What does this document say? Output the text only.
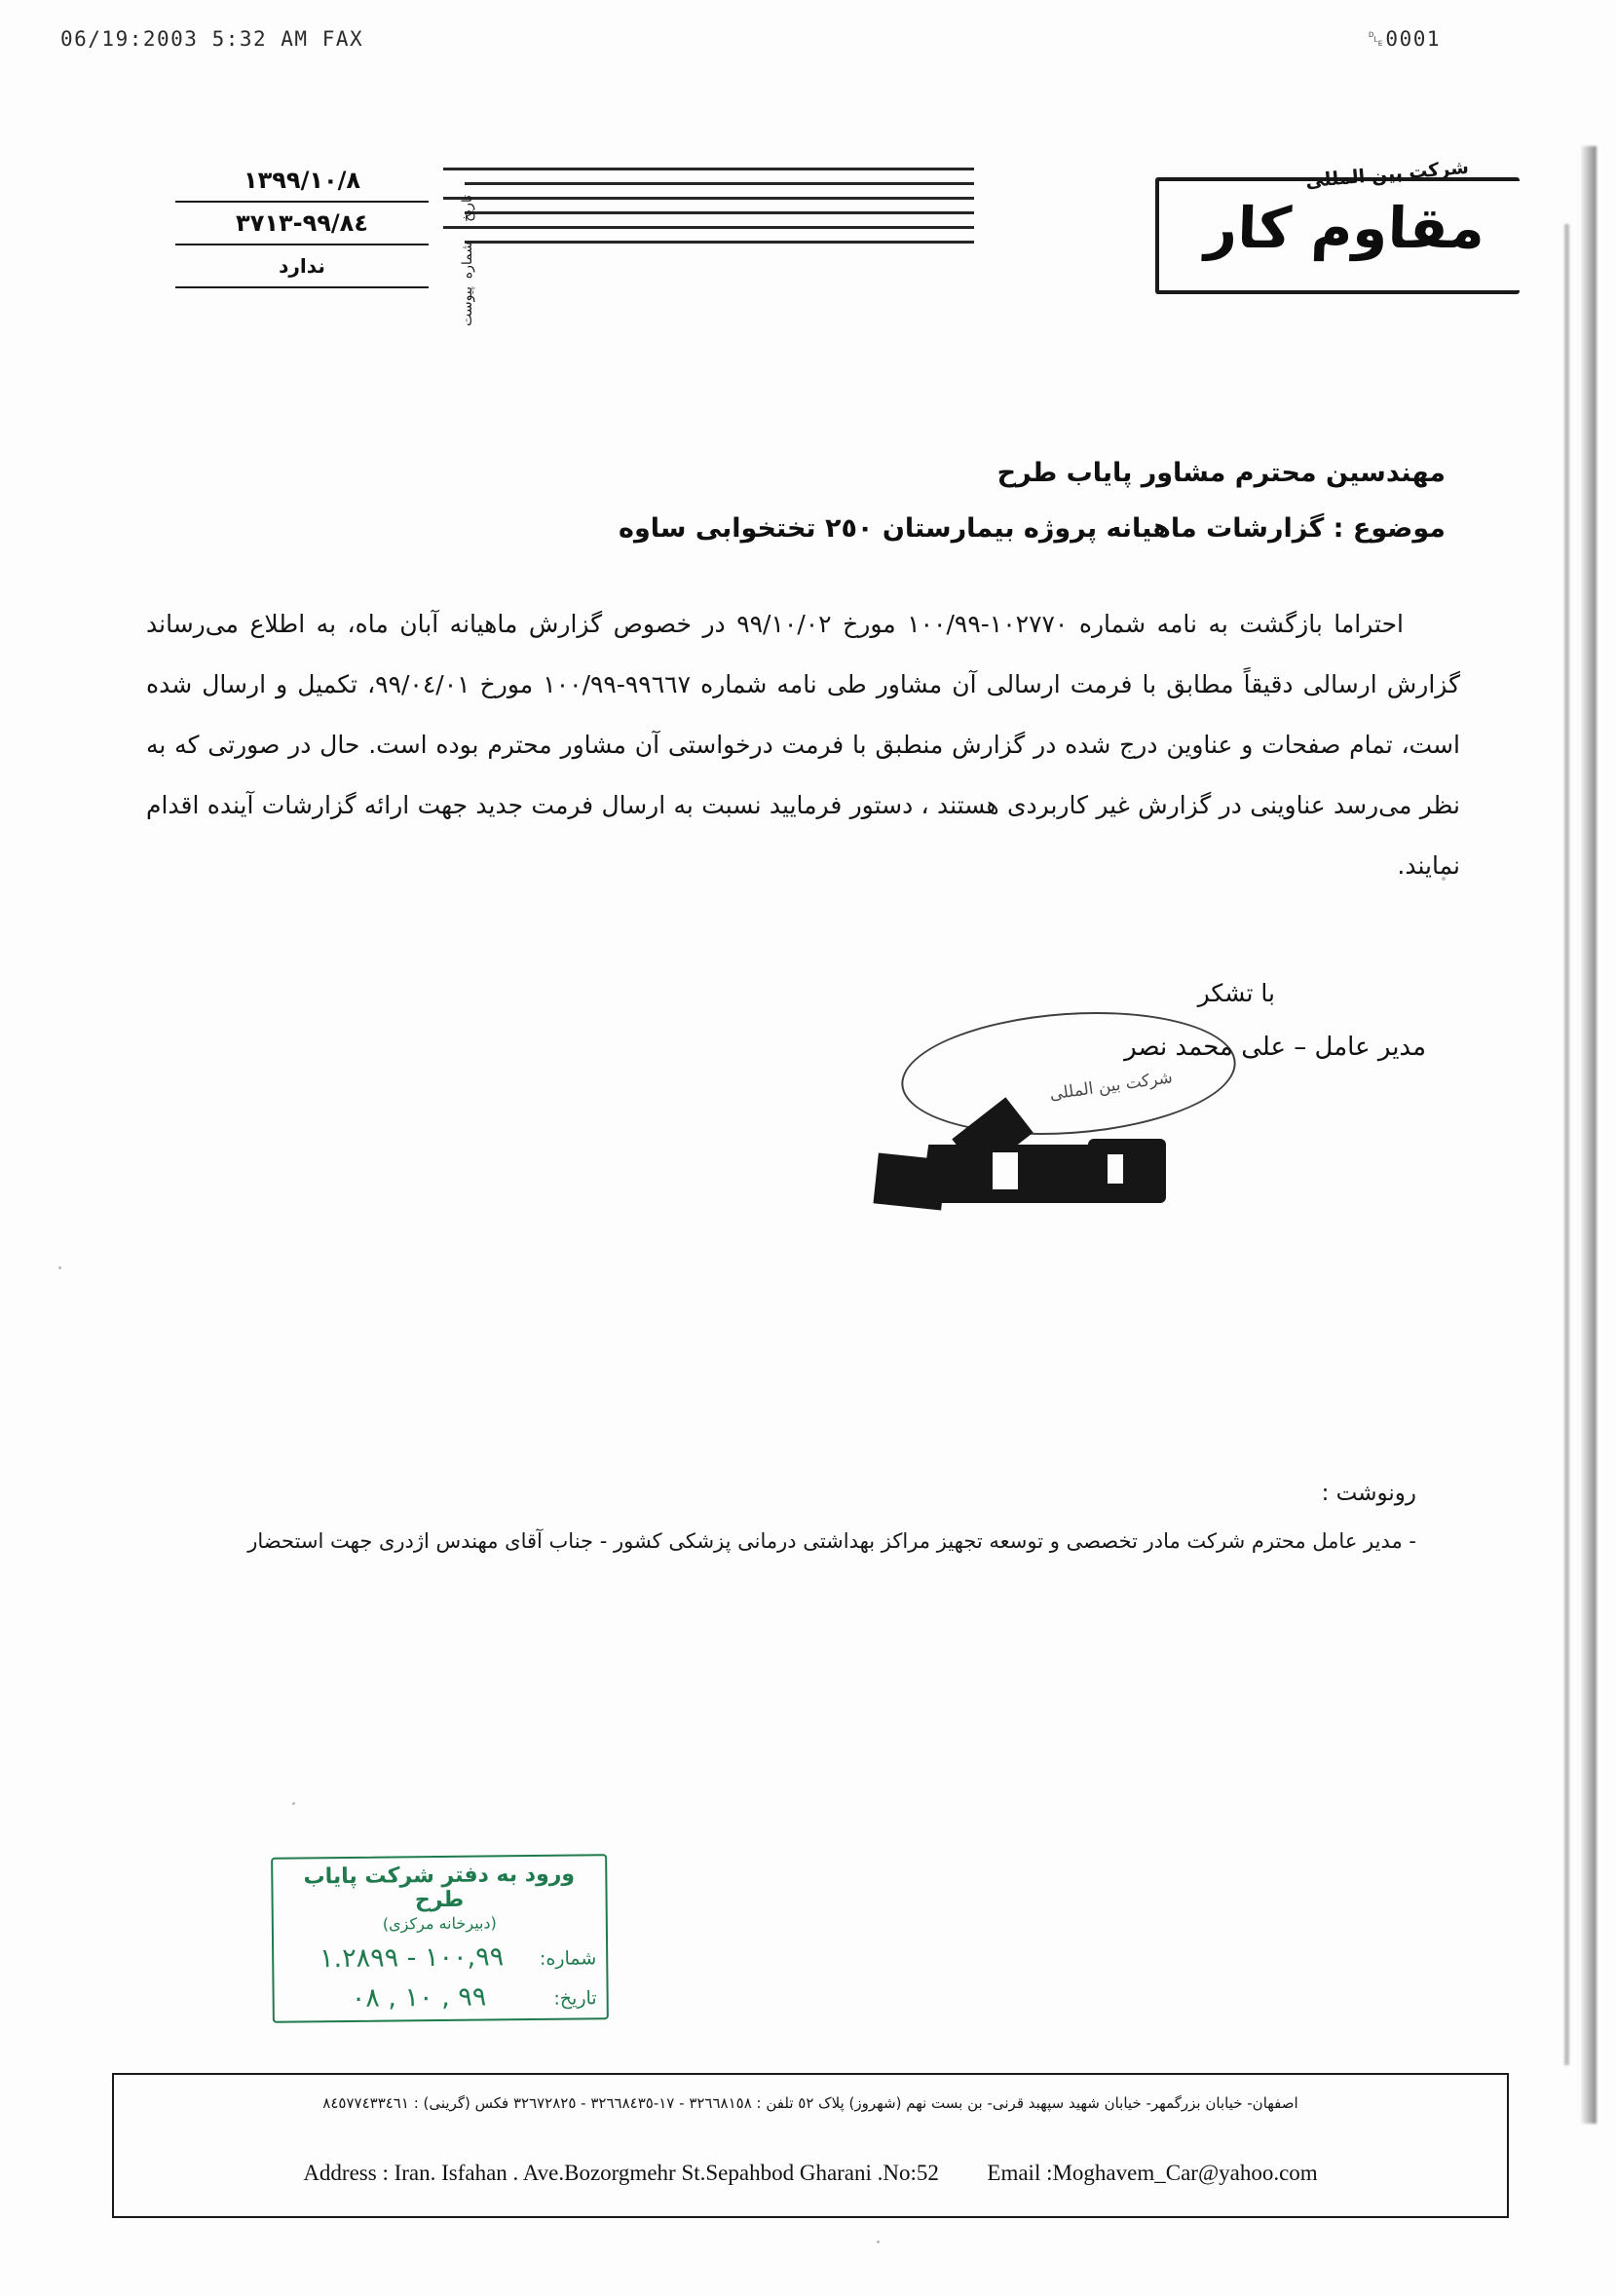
06/19:2003 5:32 AM FAX	␐0001
شرکت بین المللی
مقاوم کار
١٣٩٩/١٠/٨
٩٩/٨٤-٣٧١٣
ندارد
تاریخ
شماره
پیوست
مهندسین محترم مشاور پایاب طرح
موضوع : گزارشات ماهیانه پروژه بیمارستان ٢٥٠ تختخوابی ساوه

احتراما بازگشت به نامه شماره ١٠٢٧٧٠-١٠٠/٩٩ مورخ ٩٩/١٠/٠٢ در خصوص گزارش ماهیانه آبان ماه، به اطلاع می‌رساند گزارش ارسالی دقیقاً مطابق با فرمت ارسالی آن مشاور طی نامه شماره ٩٩٦٦٧-١٠٠/٩٩ مورخ ٩٩/٠٤/٠١، تکمیل و ارسال شده است، تمام صفحات و عناوین درج شده در گزارش منطبق با فرمت درخواستی آن مشاور محترم بوده است. حال در صورتی که به نظر می‌رسد عناوینی در گزارش غیر کاربردی هستند ، دستور فرمایید نسبت به ارسال فرمت جدید جهت ارائه گزارشات آینده اقدام نمایند.

با تشکر
مدیر عامل – علی محمد نصر
شرکت بین المللی
رونوشت :
- مدیر عامل محترم شرکت مادر تخصصی و توسعه تجهیز مراکز بهداشتی درمانی پزشکی کشور - جناب آقای مهندس اژدری جهت استحضار
ورود به دفتر شرکت پایاب طرح
(دبیرخانه مرکزی)
شماره:
١٠٠,٩٩ - ١.٢٨٩٩
تاریخ:
٩٩ , ١٠ , ٠٨
اصفهان- خیابان بزرگمهر- خیابان شهید سپهبد قرنی- بن بست نهم (شهروز) پلاک ٥٢ تلفن : ٣٢٦٦٨١٥٨ - ١٧-٣٢٦٦٨٤٣٥ - ٣٢٦٧٢٨٢٥ فکس (گرینی) : ٨٤٥٧٧٤٣٣٤٦١
Address : Iran. Isfahan . Ave.Bozorgmehr St.Sepahbod Gharani .No:52 Email :Moghavem_Car@yahoo.com
